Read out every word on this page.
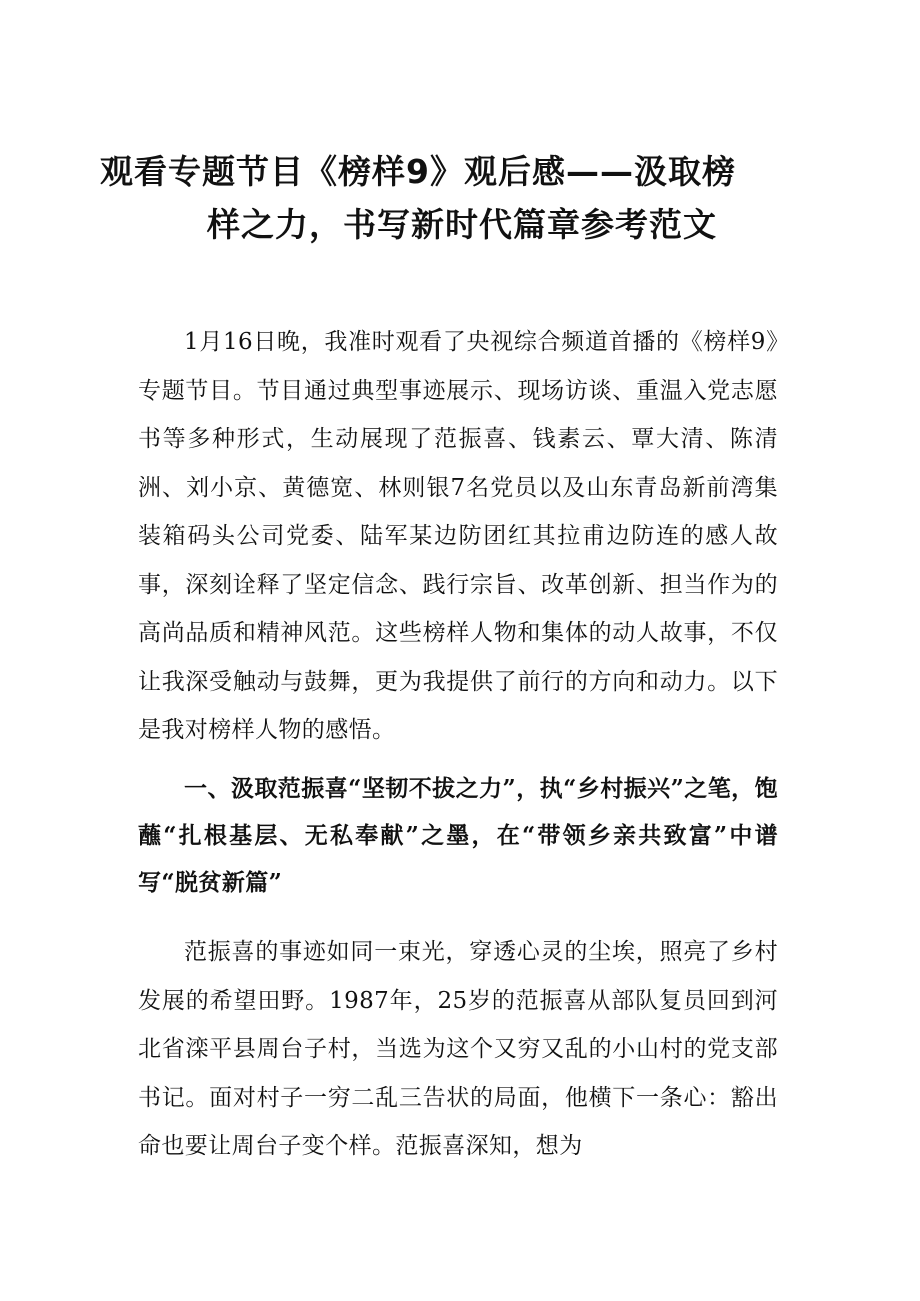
观看专题节目《榜样9》观后感——汲取榜
样之力，书写新时代篇章参考范文

1月16日晚，我准时观看了央视综合频道首播的《榜样9》专题节目。节目通过典型事迹展示、现场访谈、重温入党志愿书等多种形式，生动展现了范振喜、钱素云、覃大清、陈清洲、刘小京、黄德宽、林则银7名党员以及山东青岛新前湾集装箱码头公司党委、陆军某边防团红其拉甫边防连的感人故事，深刻诠释了坚定信念、践行宗旨、改革创新、担当作为的高尚品质和精神风范。这些榜样人物和集体的动人故事，不仅让我深受触动与鼓舞，更为我提供了前行的方向和动力。以下是我对榜样人物的感悟。

一、汲取范振喜“坚韧不拔之力”，执“乡村振兴”之笔，饱蘸“扎根基层、无私奉献”之墨，在“带领乡亲共致富”中谱写“脱贫新篇”

范振喜的事迹如同一束光，穿透心灵的尘埃，照亮了乡村发展的希望田野。1987年，25岁的范振喜从部队复员回到河北省滦平县周台子村，当选为这个又穷又乱的小山村的党支部书记。面对村子一穷二乱三告状的局面，他横下一条心：豁出命也要让周台子变个样。范振喜深知，想为
